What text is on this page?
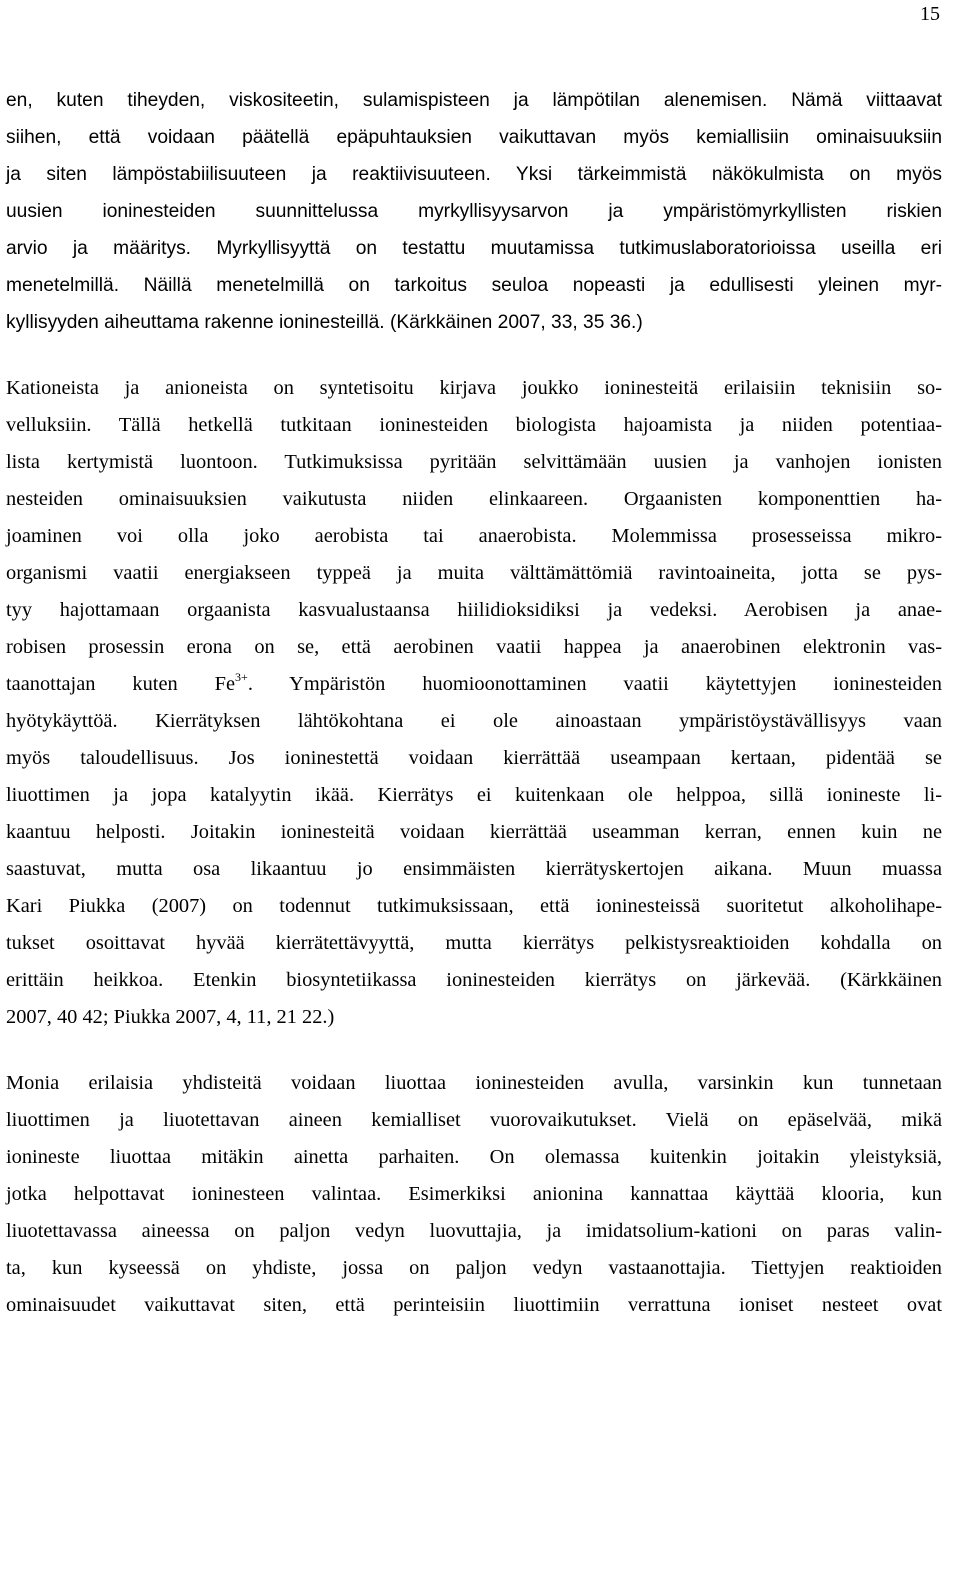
15
en, kuten tiheyden, viskositeetin, sulamispisteen ja lämpötilan alenemisen. Nämä viittaavat
siihen, että voidaan päätellä epäpuhtauksien vaikuttavan myös kemiallisiin ominaisuuksiin
ja siten lämpöstabiilisuuteen ja reaktiivisuuteen. Yksi tärkeimmistä näkökulmista on myös
uusien ioninesteiden suunnittelussa myrkyllisyysarvon ja ympäristömyrkyllisten riskien
arvio ja määritys. Myrkyllisyyttä on testattu muutamissa tutkimuslaboratorioissa useilla eri
menetelmillä. Näillä menetelmillä on tarkoitus seuloa nopeasti ja edullisesti yleinen myr-
kyllisyyden aiheuttama rakenne ioninesteillä. (Kärkkäinen 2007, 33, 35 36.)
Kationeista ja anioneista on syntetisoitu kirjava joukko ioninesteitä erilaisiin teknisiin so-
velluksiin. Tällä hetkellä tutkitaan ioninesteiden biologista hajoamista ja niiden potentiaa-
lista kertymistä luontoon. Tutkimuksissa pyritään selvittämään uusien ja vanhojen ionisten
nesteiden ominaisuuksien vaikutusta niiden elinkaareen. Orgaanisten komponenttien ha-
joaminen voi olla joko aerobista tai anaerobista. Molemmissa prosesseissa mikro-
organismi vaatii energiakseen typpeä ja muita välttämättömiä ravintoaineita, jotta se pys-
tyy hajottamaan orgaanista kasvualustaansa hiilidioksidiksi ja vedeksi. Aerobisen ja anae-
robisen prosessin erona on se, että aerobinen vaatii happea ja anaerobinen elektronin vas-
taanottajan kuten $Fe^{3+}$. Ympäristön huomioonottaminen vaatii käytettyjen ioninesteiden
hyötykäyttöä. Kierrätyksen lähtökohtana ei ole ainoastaan ympäristöystävällisyys vaan
myös taloudellisuus. Jos ioninestettä voidaan kierrättää useampaan kertaan, pidentää se
liuottimen ja jopa katalyytin ikää. Kierrätys ei kuitenkaan ole helppoa, sillä ionineste li-
kaantuu helposti. Joitakin ioninesteitä voidaan kierrättää useamman kerran, ennen kuin ne
saastuvat, mutta osa likaantuu jo ensimmäisten kierrätyskertojen aikana. Muun muassa
Kari Piukka (2007) on todennut tutkimuksissaan, että ioninesteissä suoritetut alkoholihape-
tukset osoittavat hyvää kierrätettävyyttä, mutta kierrätys pelkistysreaktioiden kohdalla on
erittäin heikkoa. Etenkin biosyntetiikassa ioninesteiden kierrätys on järkevää. (Kärkkäinen
2007, 40 42; Piukka 2007, 4, 11, 21 22.)
Monia erilaisia yhdisteitä voidaan liuottaa ioninesteiden avulla, varsinkin kun tunnetaan
liuottimen ja liuotettavan aineen kemialliset vuorovaikutukset. Vielä on epäselvää, mikä
ionineste liuottaa mitäkin ainetta parhaiten. On olemassa kuitenkin joitakin yleistyksiä,
jotka helpottavat ioninesteen valintaa. Esimerkiksi anionina kannattaa käyttää klooria, kun
liuotettavassa aineessa on paljon vedyn luovuttajia, ja imidatsolium-kationi on paras valin-
ta, kun kyseessä on yhdiste, jossa on paljon vedyn vastaanottajia. Tiettyjen reaktioiden
ominaisuudet vaikuttavat siten, että perinteisiin liuottimiin verrattuna ioniset nesteet ovat
